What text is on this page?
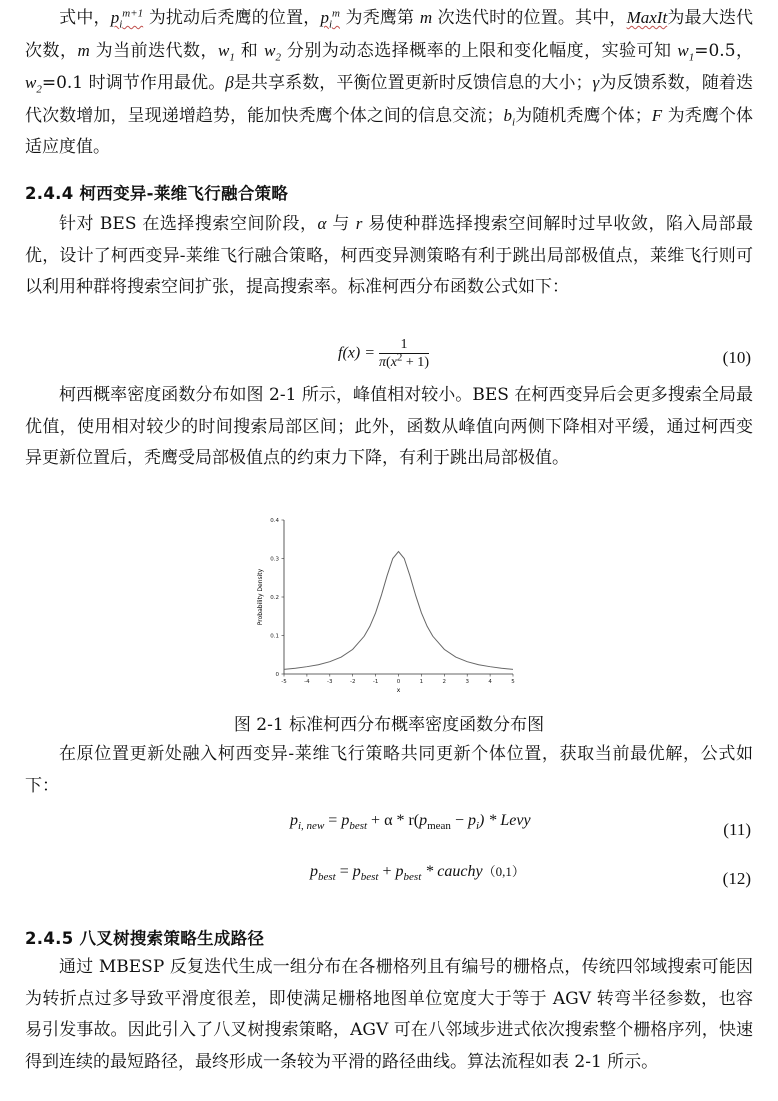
式中，$p_i^{m+1}$ 为扰动后秃鹰的位置，$p_i^m$ 为秃鹰第 m 次迭代时的位置。其中，MaxIt为最大迭代次数，m 为当前迭代数，$w_1$ 和 $w_2$ 分别为动态选择概率的上限和变化幅度，实验可知 $w_1=0.5$，$w_2=0.1$ 时调节作用最优。β是共享系数，平衡位置更新时反馈信息的大小；γ为反馈系数，随着迭代次数增加，呈现递增趋势，能加快秃鹰个体之间的信息交流；$b_i$为随机秃鹰个体；F 为秃鹰个体适应度值。
2.4.4 柯西变异-莱维飞行融合策略
针对 BES 在选择搜索空间阶段，α 与 r 易使种群选择搜索空间解时过早收敛，陷入局部最优，设计了柯西变异-莱维飞行融合策略，柯西变异测策略有利于跳出局部极值点，莱维飞行则可以利用种群将搜索空间扩张，提高搜索率。标准柯西分布函数公式如下：
$f(x) = \frac{1}{\pi(x^2 + 1)}$	(10)
柯西概率密度函数分布如图 2-1 所示，峰值相对较小。BES 在柯西变异后会更多搜索全局最优值，使用相对较少的时间搜索局部区间；此外，函数从峰值向两侧下降相对平缓，通过柯西变异更新位置后，秃鹰受局部极值点的约束力下降，有利于跳出局部极值。
-5	-4	-3	-2	-1	0	1	2	3	4	5
0
0.1
0.2
0.3
0.4
x
Probability Density
图 2-1 标准柯西分布概率密度函数分布图
在原位置更新处融入柯西变异-莱维飞行策略共同更新个体位置，获取当前最优解，公式如下：
$p_{i, new} = p_{best} + \alpha * r(p_{mean} - p_i)$ * Levy	(11)
$p_{best} = p_{best} + p_{best}$ * cauchy（0,1）	(12)
2.4.5 八叉树搜索策略生成路径
通过 MBESP 反复迭代生成一组分布在各栅格列且有编号的栅格点，传统四邻域搜索可能因为转折点过多导致平滑度很差，即使满足栅格地图单位宽度大于等于 AGV 转弯半径参数，也容易引发事故。因此引入了八叉树搜索策略，AGV 可在八邻域步进式依次搜索整个栅格序列，快速得到连续的最短路径，最终形成一条较为平滑的路径曲线。算法流程如表 2-1 所示。
